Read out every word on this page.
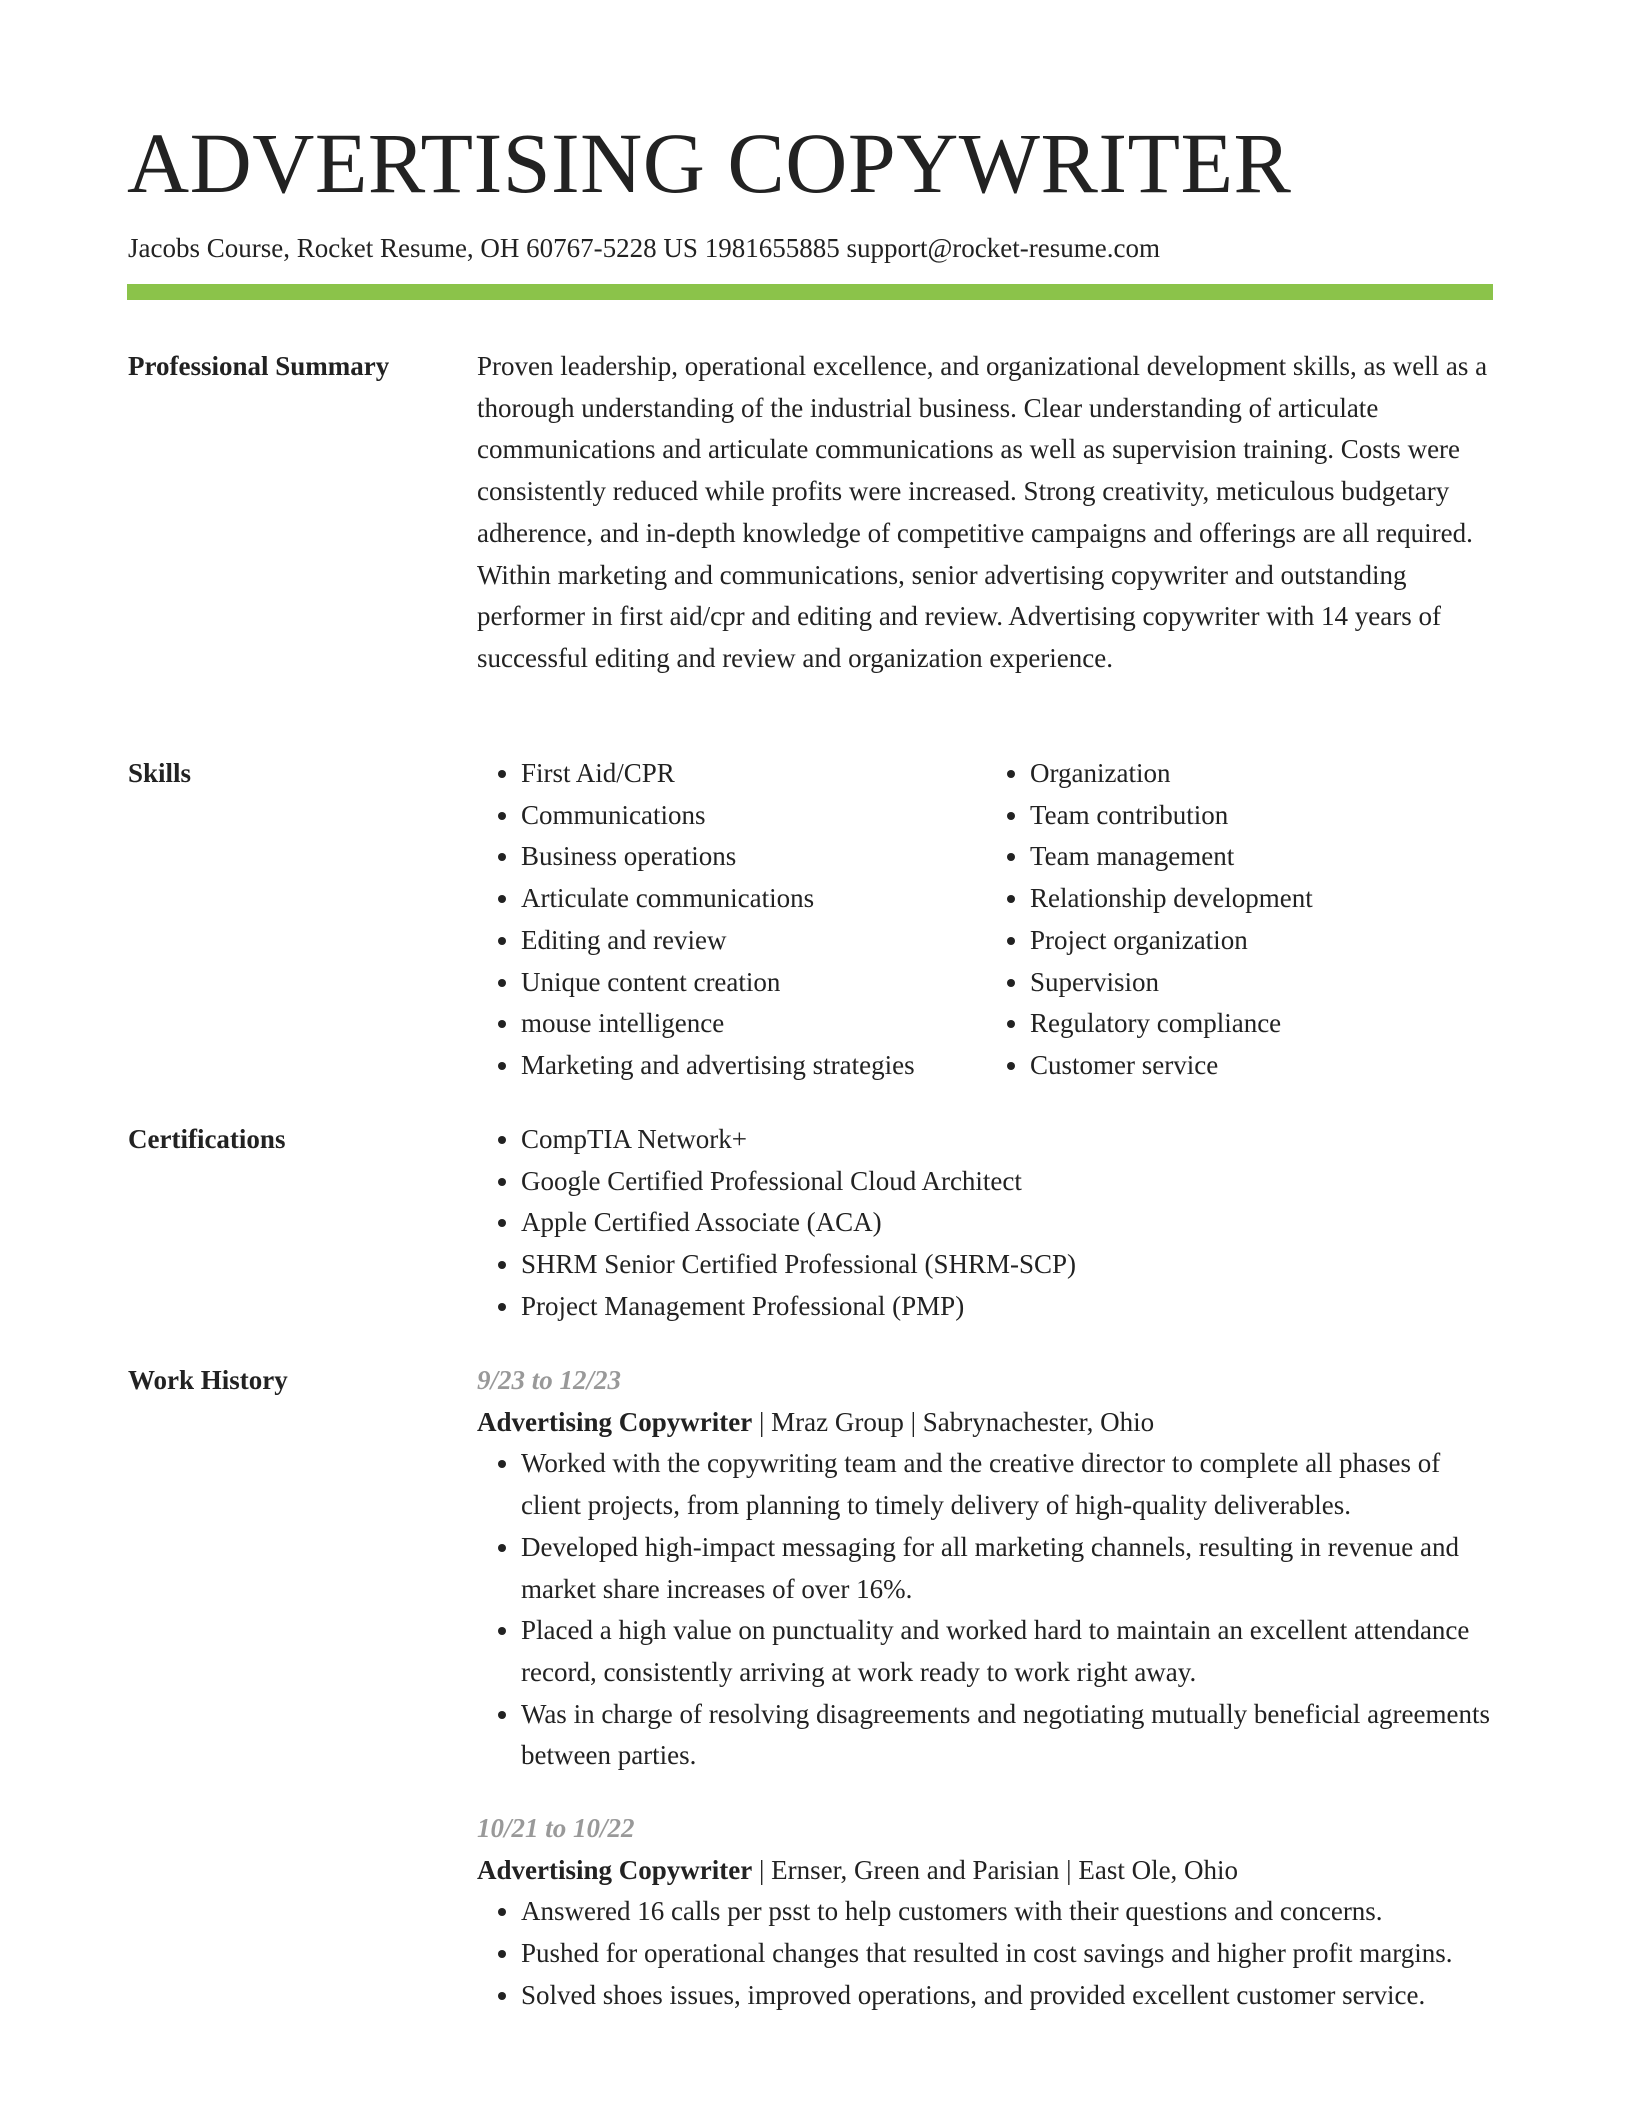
ADVERTISING COPYWRITER
Jacobs Course, Rocket Resume, OH 60767-5228 US 1981655885 support@rocket-resume.com
Professional Summary	Proven leadership, operational excellence, and organizational development skills, as well as a thorough understanding of the industrial business. Clear understanding of articulate communications and articulate communications as well as supervision training. Costs were consistently reduced while profits were increased. Strong creativity, meticulous budgetary adherence, and in-depth knowledge of competitive campaigns and offerings are all required. Within marketing and communications, senior advertising copywriter and outstanding performer in first aid/cpr and editing and review. Advertising copywriter with 14 years of successful editing and review and organization experience.

Skills	• First Aid/CPR
• Communications
• Business operations
• Articulate communications
• Editing and review
• Unique content creation
• mouse intelligence
• Marketing and advertising strategies
• Organization
• Team contribution
• Team management
• Relationship development
• Project organization
• Supervision
• Regulatory compliance
• Customer service
Certifications	• CompTIA Network+
• Google Certified Professional Cloud Architect
• Apple Certified Associate (ACA)
• SHRM Senior Certified Professional (SHRM-SCP)
• Project Management Professional (PMP)
Work History	9/23 to 12/23
Advertising Copywriter | Mraz Group | Sabrynachester, Ohio
• Worked with the copywriting team and the creative director to complete all phases of client projects, from planning to timely delivery of high-quality deliverables.
• Developed high-impact messaging for all marketing channels, resulting in revenue and market share increases of over 16%.
• Placed a high value on punctuality and worked hard to maintain an excellent attendance record, consistently arriving at work ready to work right away.
• Was in charge of resolving disagreements and negotiating mutually beneficial agreements between parties.
10/21 to 10/22
Advertising Copywriter | Ernser, Green and Parisian | East Ole, Ohio
• Answered 16 calls per psst to help customers with their questions and concerns.
• Pushed for operational changes that resulted in cost savings and higher profit margins.
• Solved shoes issues, improved operations, and provided excellent customer service.
